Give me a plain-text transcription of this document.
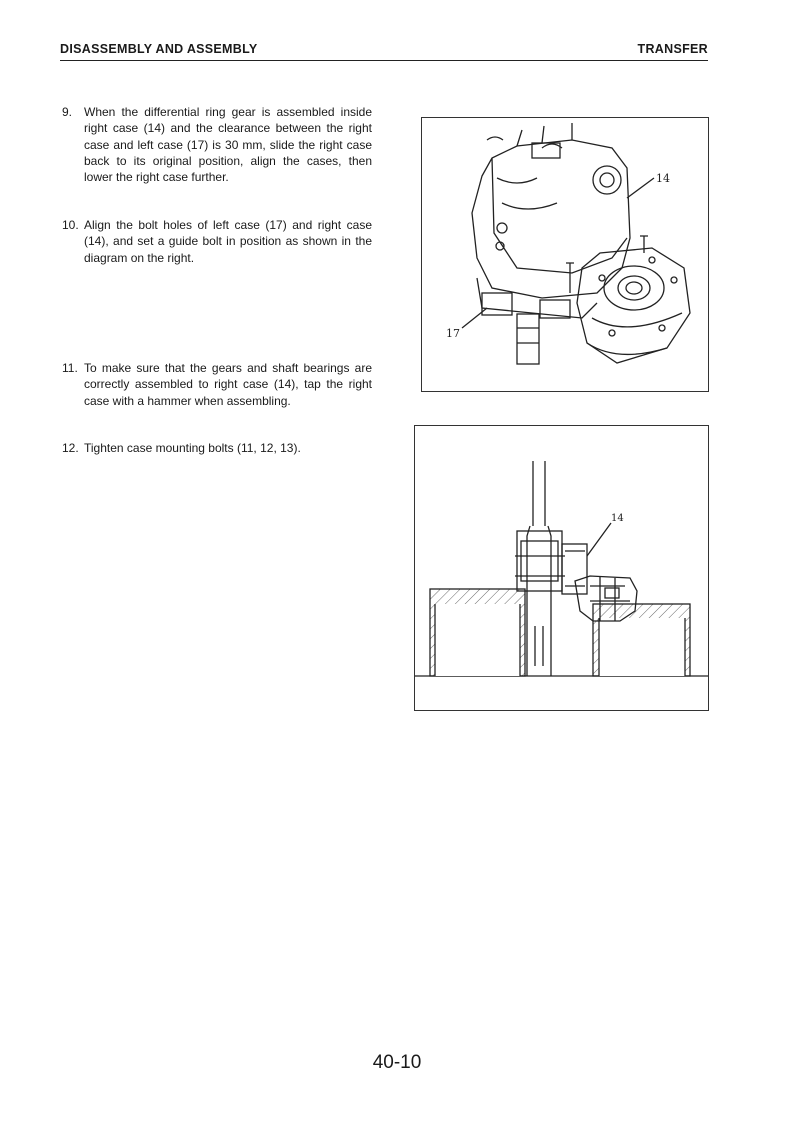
DISASSEMBLY AND ASSEMBLY	TRANSFER
9. When the differential ring gear is assembled inside right case (14) and the clearance between the right case and left case (17) is 30 mm, slide the right case back to its original position, align the cases, then lower the right case further.
10. Align the bolt holes of left case (17) and right case (14), and set a guide bolt in position as shown in the diagram on the right.
11. To make sure that the gears and shaft bearings are correctly assembled to right case (14), tap the right case with a hammer when assembling.
12. Tighten case mounting bolts (11, 12, 13).
14
17
14
40-10
